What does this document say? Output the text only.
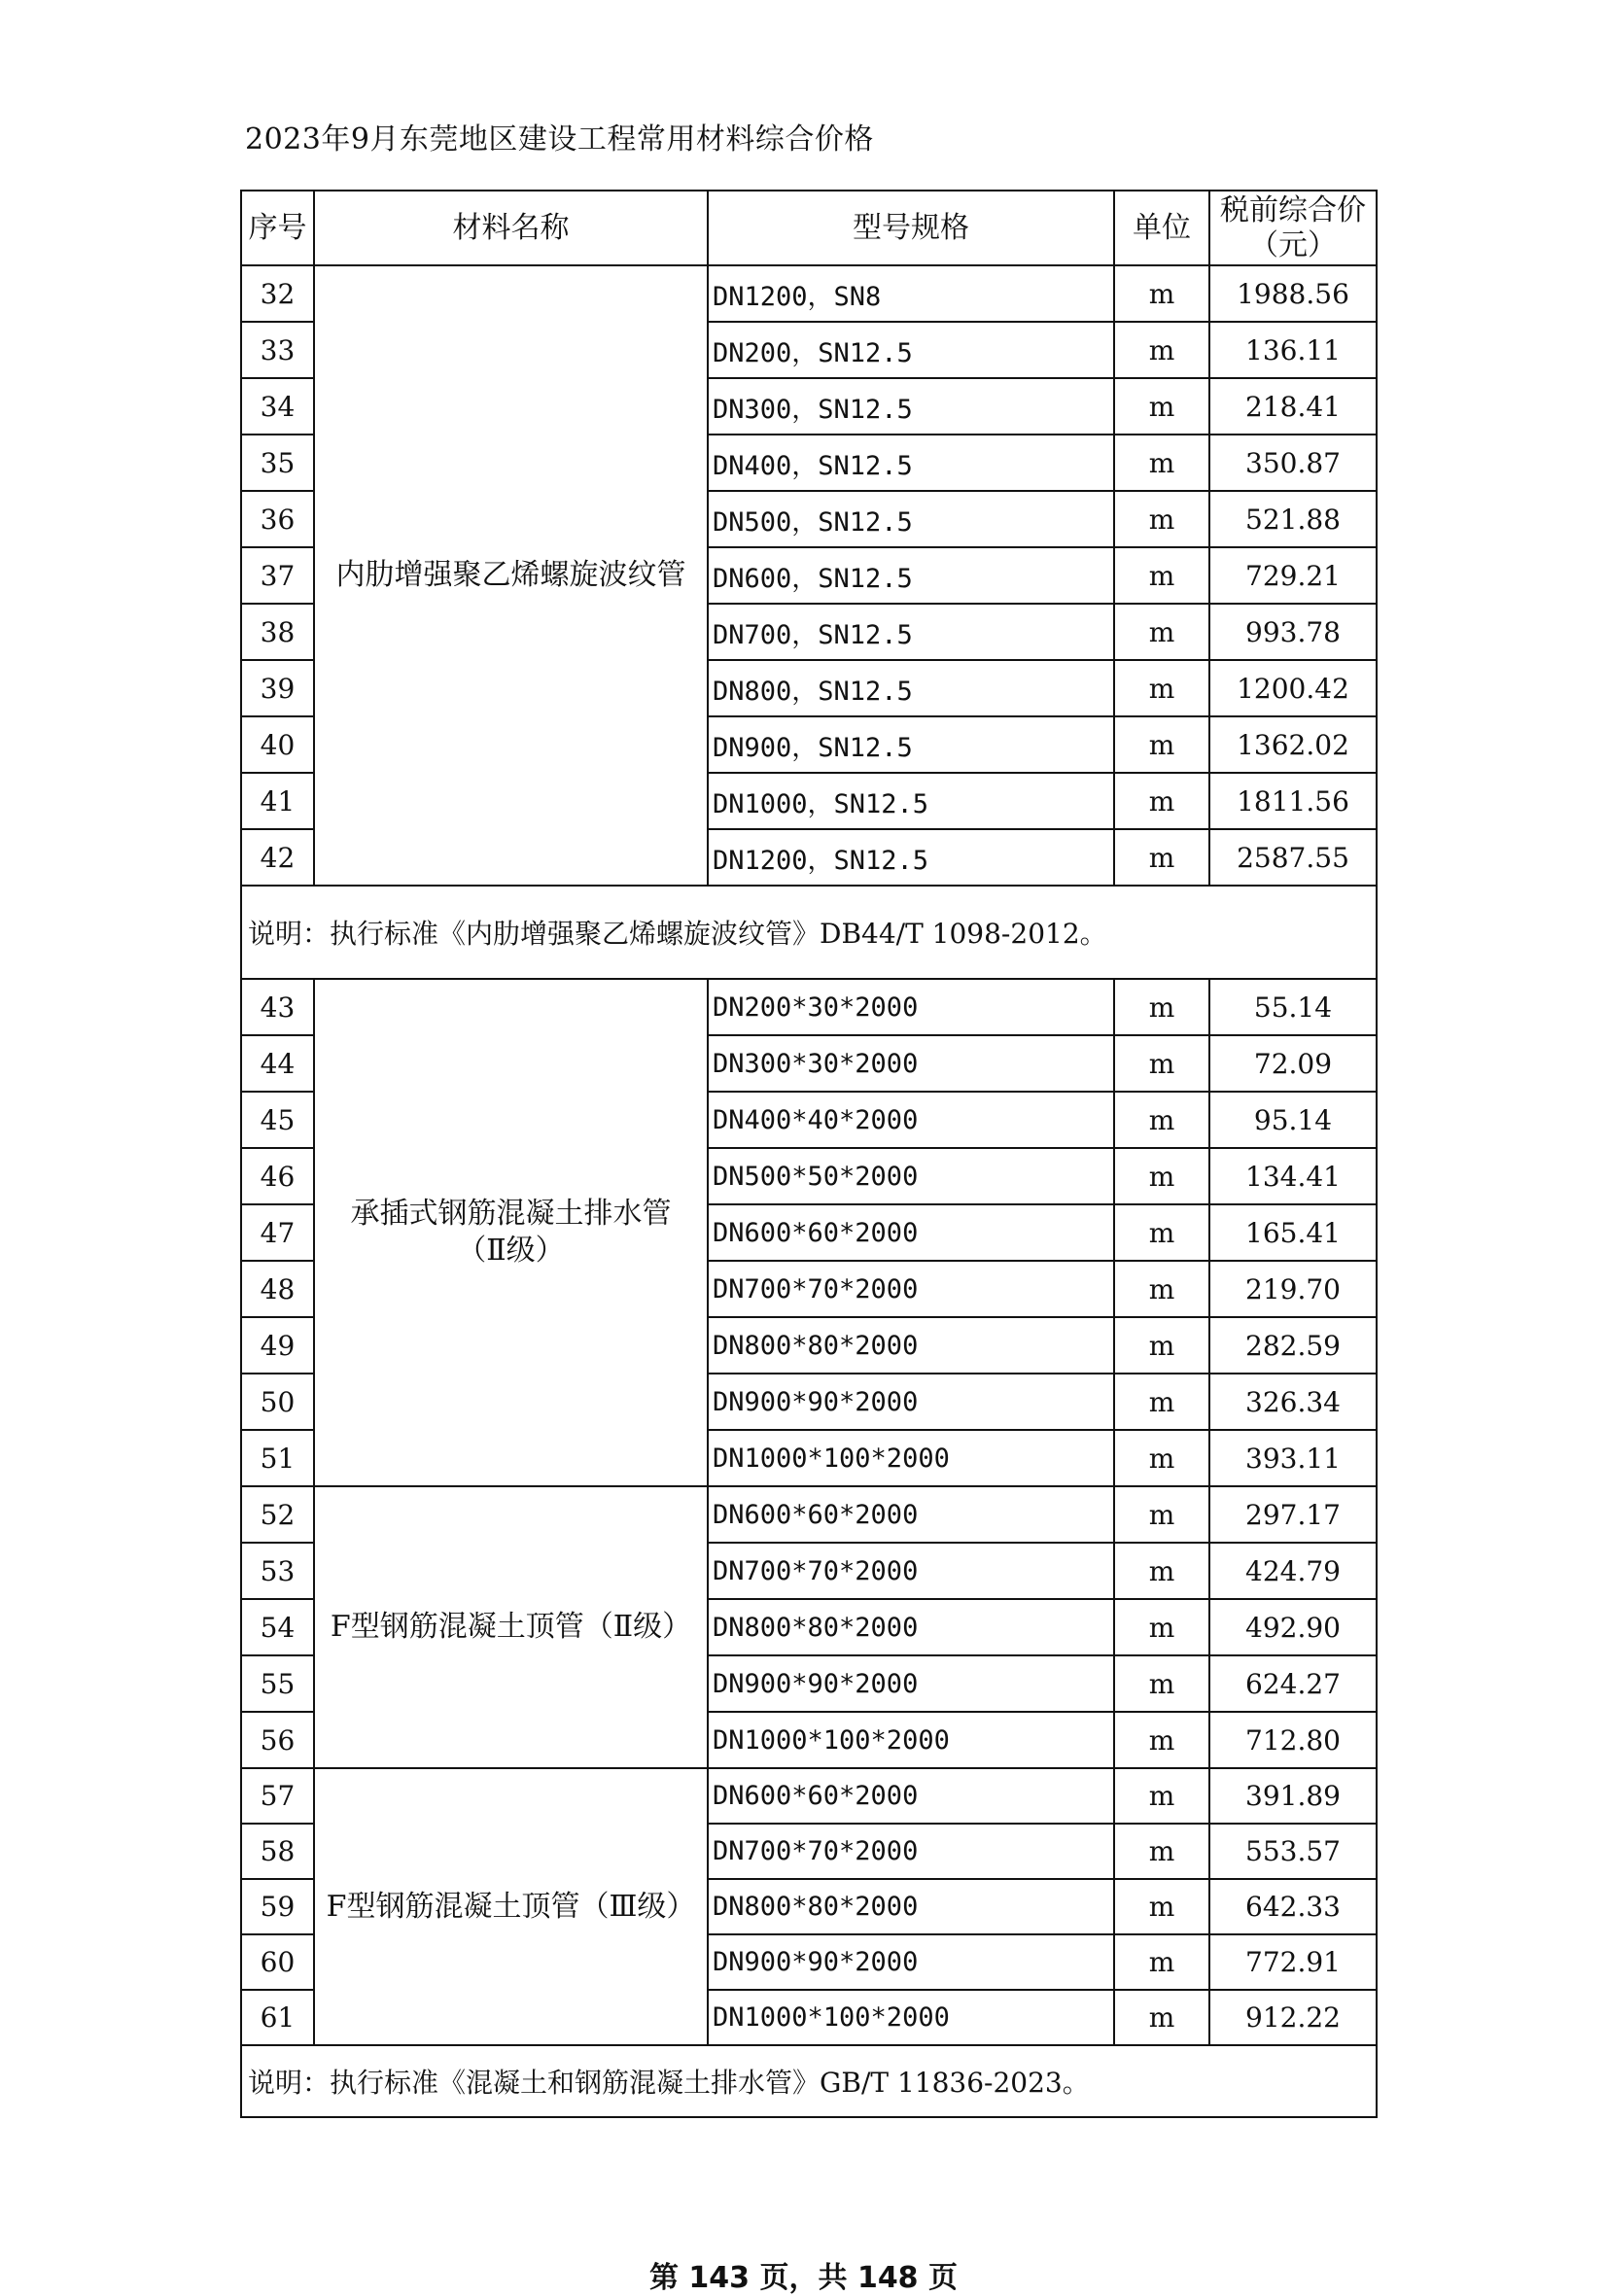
2023年9月东莞地区建设工程常用材料综合价格
序号	材料名称	型号规格	单位	税前综合价
（元）
32	内肋增强聚乙烯螺旋波纹管	DN1200，SN8	m	1988.56
33		DN200，SN12.5	m	136.11
34		DN300，SN12.5	m	218.41
35		DN400，SN12.5	m	350.87
36		DN500，SN12.5	m	521.88
37		DN600，SN12.5	m	729.21
38		DN700，SN12.5	m	993.78
39		DN800，SN12.5	m	1200.42
40		DN900，SN12.5	m	1362.02
41		DN1000，SN12.5	m	1811.56
42		DN1200，SN12.5	m	2587.55
说明：执行标准《内肋增强聚乙烯螺旋波纹管》DB44/T 1098-2012。				
43	承插式钢筋混凝土排水管
（Ⅱ级）	DN200*30*2000	m	55.14
44		DN300*30*2000	m	72.09
45		DN400*40*2000	m	95.14
46		DN500*50*2000	m	134.41
47		DN600*60*2000	m	165.41
48		DN700*70*2000	m	219.70
49		DN800*80*2000	m	282.59
50		DN900*90*2000	m	326.34
51		DN1000*100*2000	m	393.11
52	F型钢筋混凝土顶管（Ⅱ级）	DN600*60*2000	m	297.17
53		DN700*70*2000	m	424.79
54		DN800*80*2000	m	492.90
55		DN900*90*2000	m	624.27
56		DN1000*100*2000	m	712.80
57	F型钢筋混凝土顶管（Ⅲ级）	DN600*60*2000	m	391.89
58		DN700*70*2000	m	553.57
59		DN800*80*2000	m	642.33
60		DN900*90*2000	m	772.91
61		DN1000*100*2000	m	912.22
说明：执行标准《混凝土和钢筋混凝土排水管》GB/T 11836-2023。				
第 143 页，共 148 页
